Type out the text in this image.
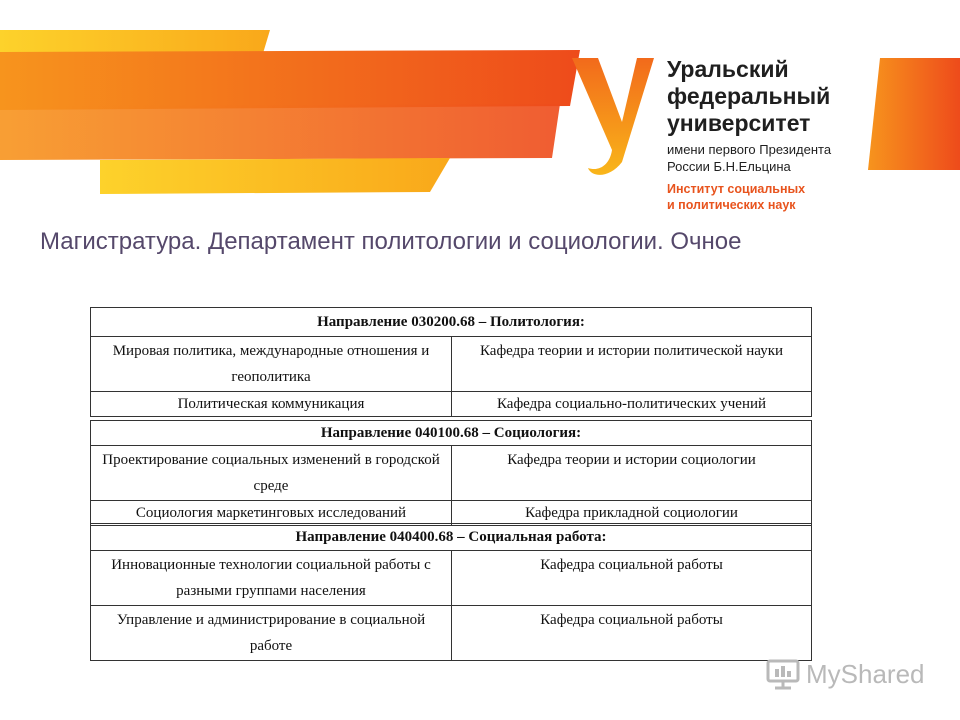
Уральский
федеральный
университет
имени первого Президента
России Б.Н.Ельцина
Институт социальных
и политических наук
Магистратура. Департамент политологии и социологии. Очное
Направление 030200.68 – Политология:	
Мировая политика, международные отношения и геополитика	Кафедра теории и истории политической науки
Политическая коммуникация	Кафедра социально-политических учений
Направление 040100.68 – Социология:	
Проектирование социальных изменений в городской среде	Кафедра теории и истории социологии
Социология маркетинговых исследований	Кафедра прикладной социологии
Направление 040400.68 – Социальная работа:	
Инновационные технологии социальной работы с разными группами населения	Кафедра социальной работы
Управление и администрирование в социальной работе	Кафедра социальной работы
MyShared
